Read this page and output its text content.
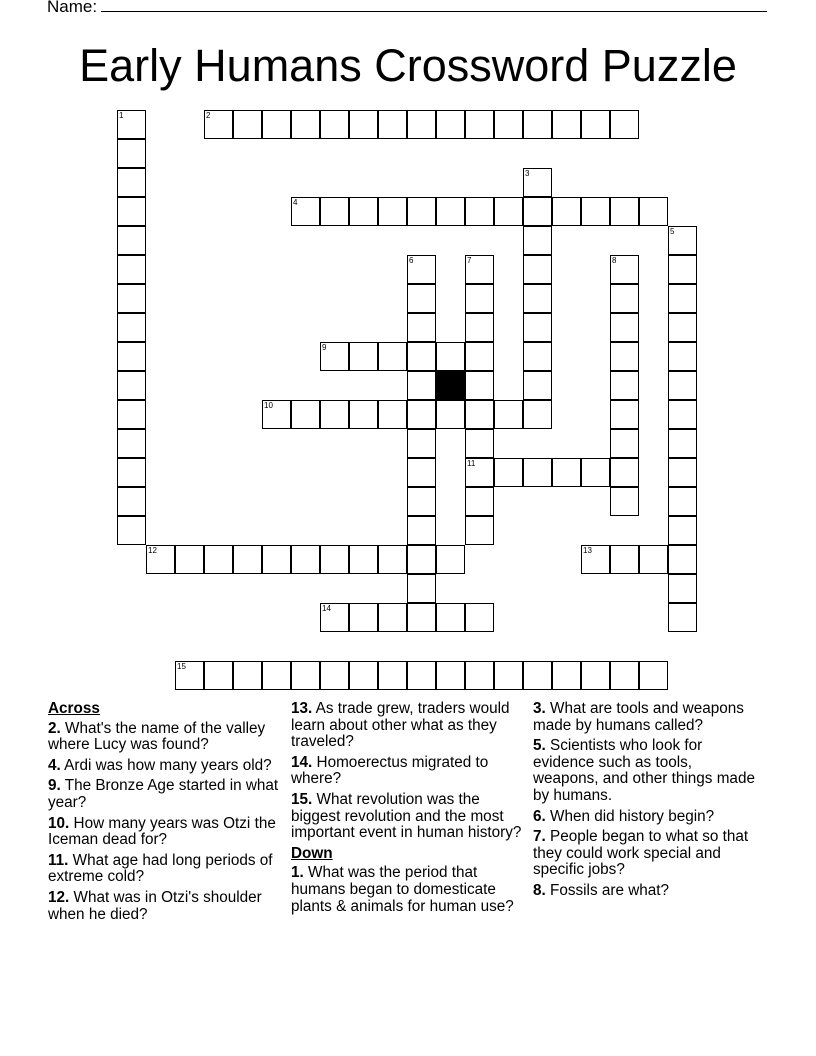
Name:
Early Humans Crossword Puzzle
1	2
3
4
5
6	7
11
8
9
10
12	13
14
15
Across
2. What's the name of the valley where Lucy was found?
4. Ardi was how many years old?
9. The Bronze Age started in what year?
10. How many years was Otzi the Iceman dead for?
11. What age had long periods of extreme cold?
12. What was in Otzi's shoulder when he died?
13. As trade grew, traders would learn about other what as they traveled?
14. Homoerectus migrated to where?
15. What revolution was the biggest revolution and the most important event in human history?
Down
1. What was the period that humans began to domesticate plants & animals for human use?
3. What are tools and weapons made by humans called?
5. Scientists who look for evidence such as tools, weapons, and other things made by humans.
6. When did history begin?
7. People began to what so that they could work special and specific jobs?
8. Fossils are what?
